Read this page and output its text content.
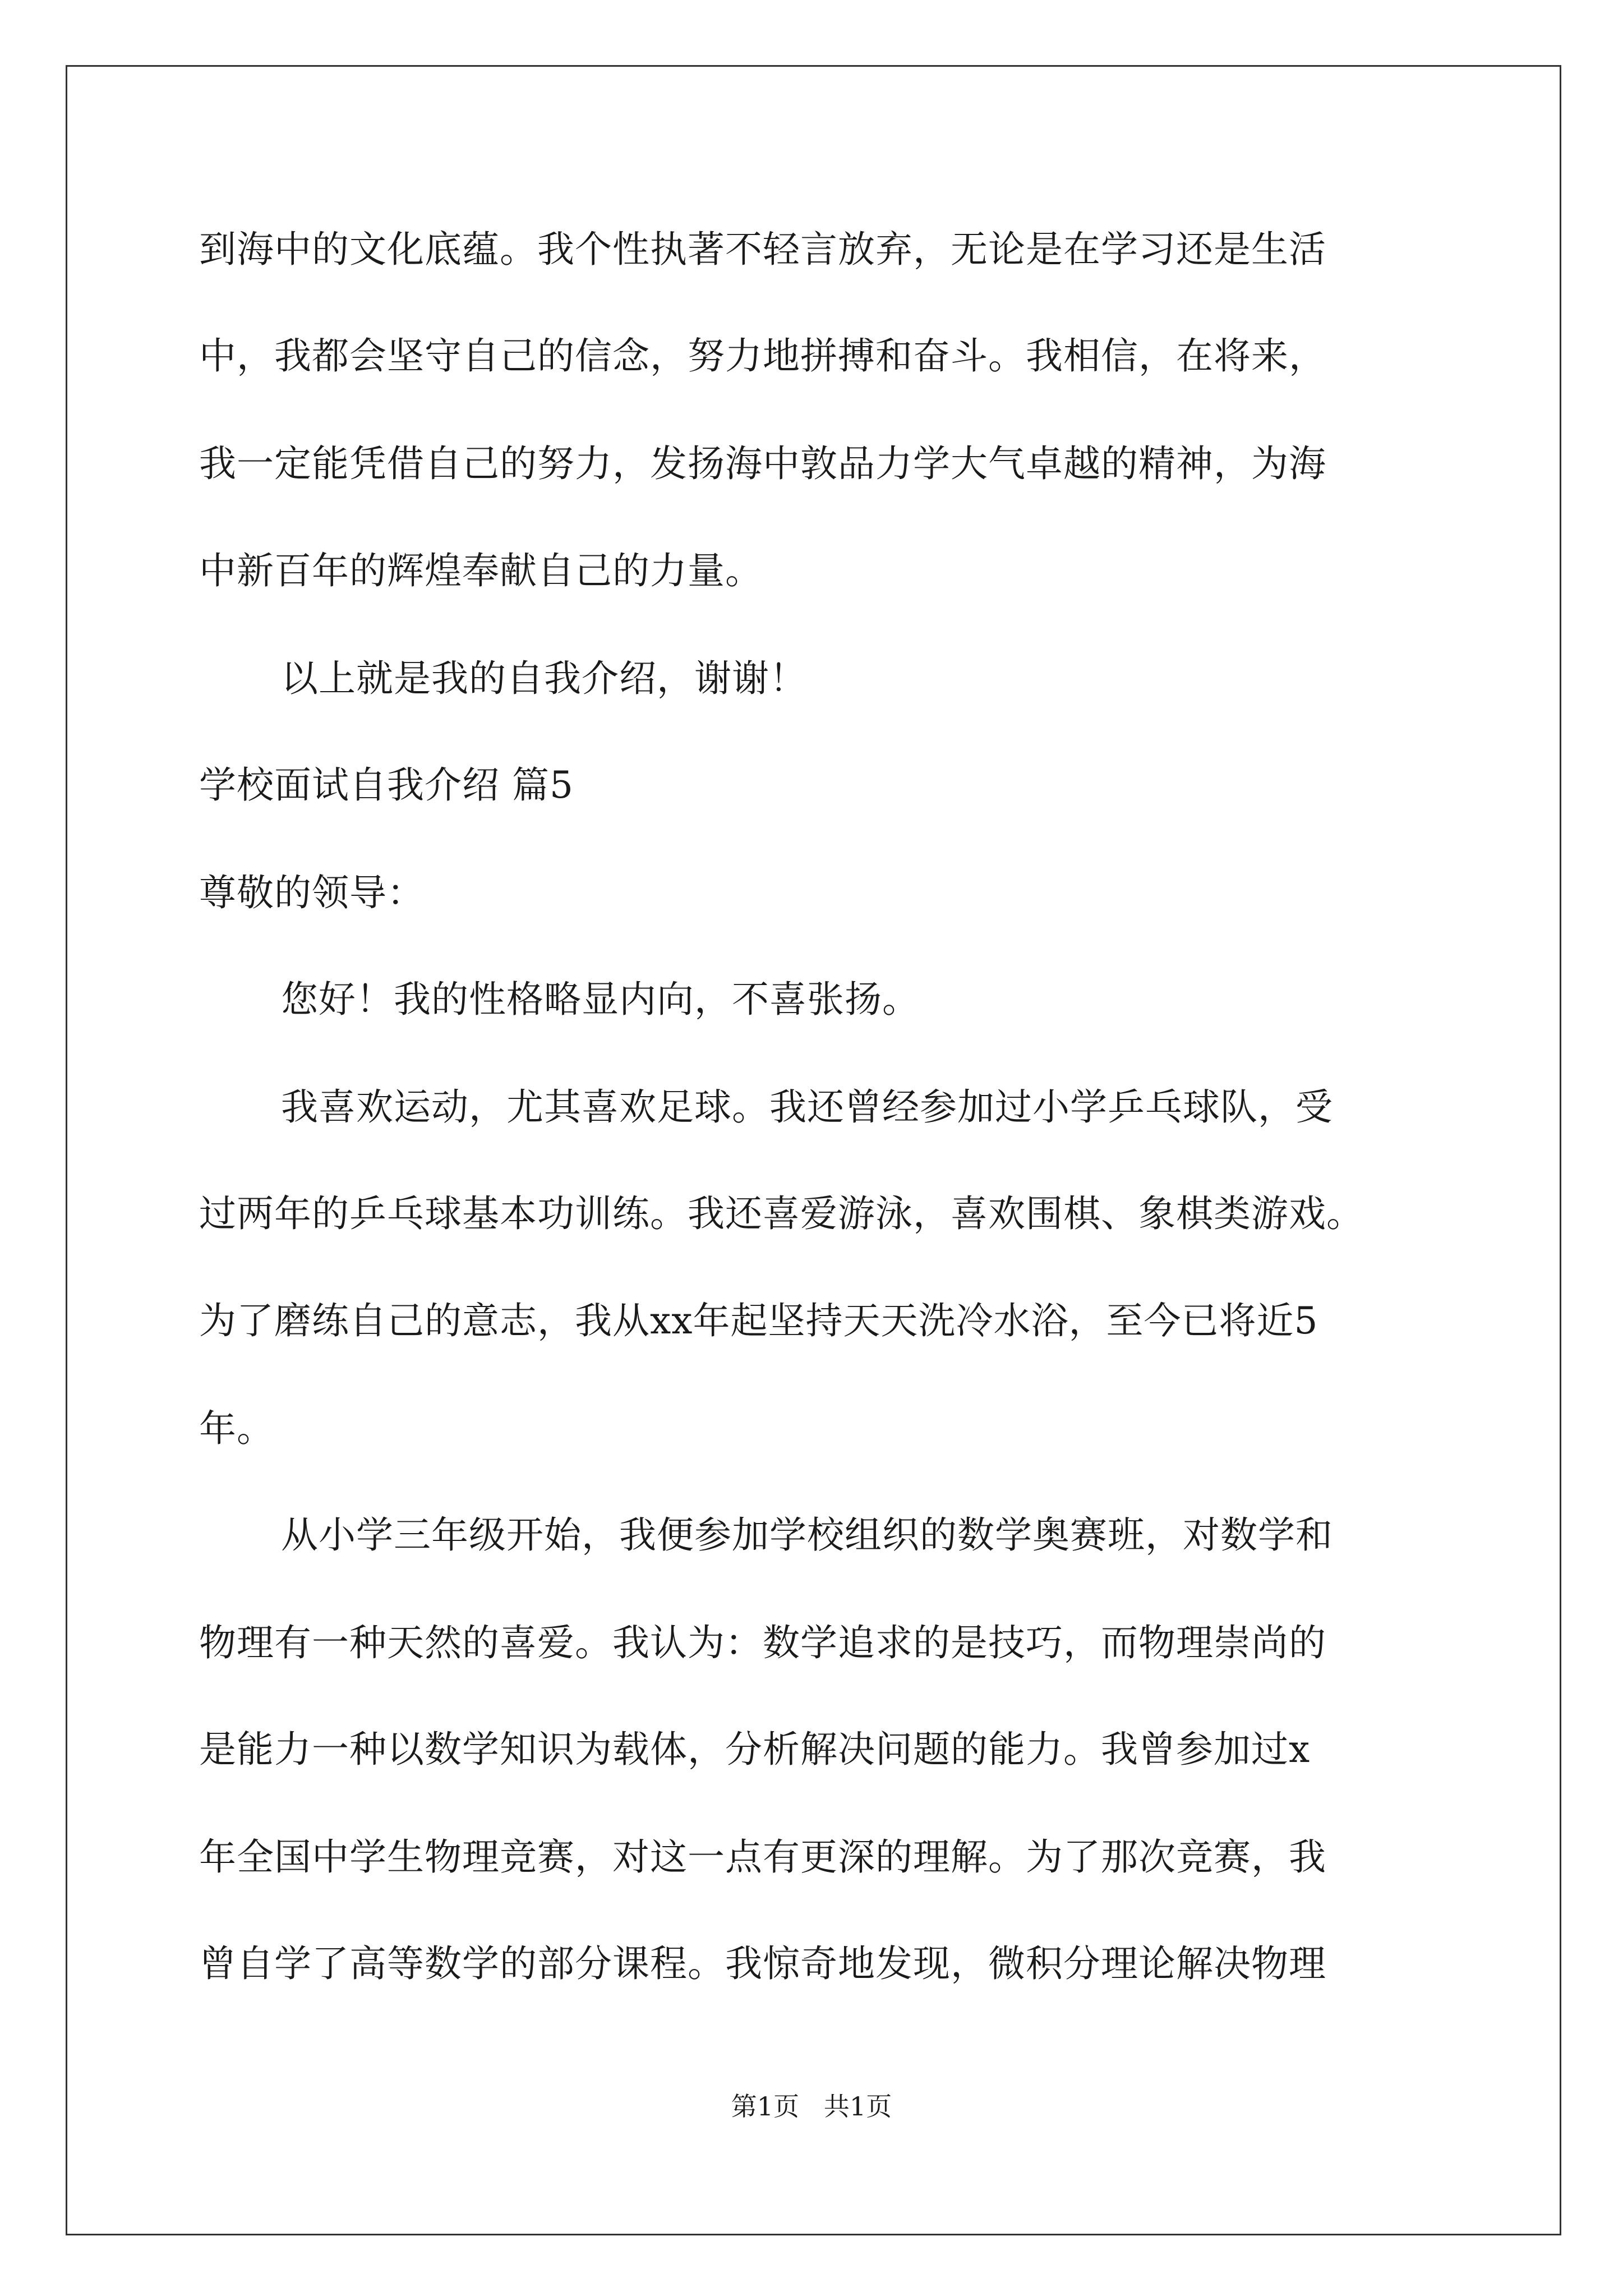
到海中的文化底蕴。我个性执著不轻言放弃，无论是在学习还是生活
中，我都会坚守自己的信念，努力地拼搏和奋斗。我相信，在将来，
我一定能凭借自己的努力，发扬海中敦品力学大气卓越的精神，为海
中新百年的辉煌奉献自己的力量。
以上就是我的自我介绍，谢谢！
学校面试自我介绍 篇5
尊敬的领导：
您好！我的性格略显内向，不喜张扬。
我喜欢运动，尤其喜欢足球。我还曾经参加过小学乒乓球队，受
过两年的乒乓球基本功训练。我还喜爱游泳，喜欢围棋、象棋类游戏。
为了磨练自己的意志，我从xx年起坚持天天洗冷水浴，至今已将近5
年。
从小学三年级开始，我便参加学校组织的数学奥赛班，对数学和
物理有一种天然的喜爱。我认为：数学追求的是技巧，而物理崇尚的
是能力一种以数学知识为载体，分析解决问题的能力。我曾参加过x
年全国中学生物理竞赛，对这一点有更深的理解。为了那次竞赛，我
曾自学了高等数学的部分课程。我惊奇地发现，微积分理论解决物理
第1页   共1页
